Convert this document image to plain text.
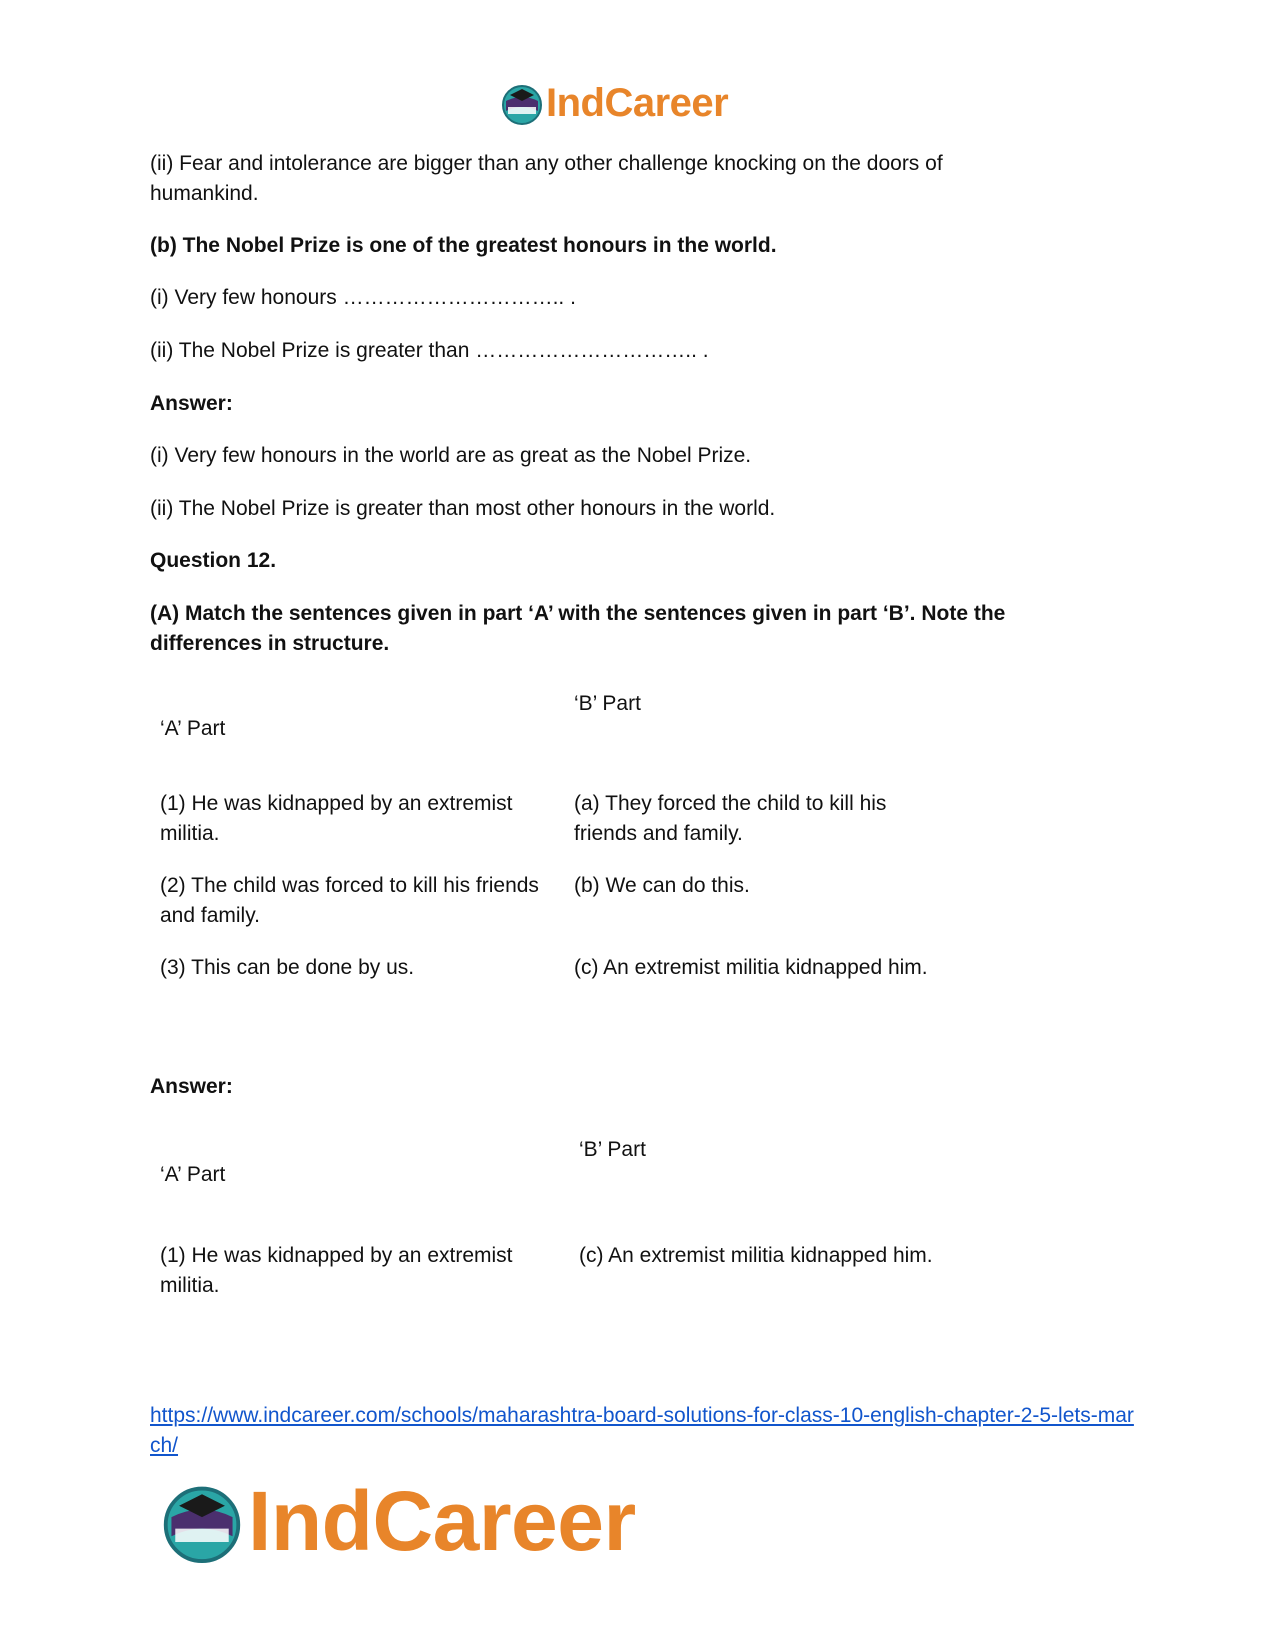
IndCareer

(ii) Fear and intolerance are bigger than any other challenge knocking on the doors of humankind.

(b) The Nobel Prize is one of the greatest honours in the world.

(i) Very few honours ………………………….. .

(ii) The Nobel Prize is greater than ………………………….. .

Answer:

(i) Very few honours in the world are as great as the Nobel Prize.

(ii) The Nobel Prize is greater than most other honours in the world.

Question 12.

(A) Match the sentences given in part ‘A’ with the sentences given in part ‘B’. Note the differences in structure.

‘A’ Part
‘B’ Part
(1) He was kidnapped by an extremist militia.
(a) They forced the child to kill his friends and family.
(2) The child was forced to kill his friends and family.
(b) We can do this.
(3) This can be done by us.	(c) An extremist militia kidnapped him.

Answer:

‘A’ Part
‘B’ Part
(1) He was kidnapped by an extremist militia.
(c) An extremist militia kidnapped him.
https://www.indcareer.com/schools/maharashtra-board-solutions-for-class-10-english-chapter-2-5-lets-march/
IndCareer
